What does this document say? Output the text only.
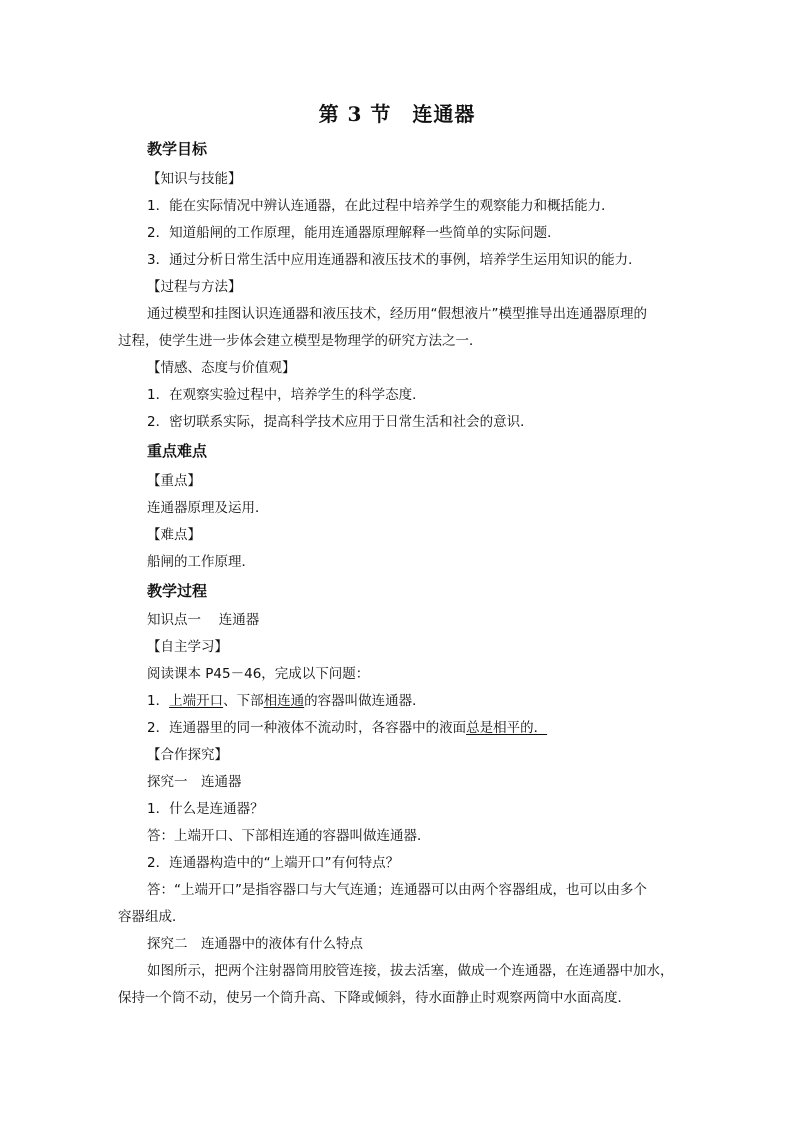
第 3 节　连通器
教学目标
【知识与技能】
1．能在实际情况中辨认连通器，在此过程中培养学生的观察能力和概括能力．
2．知道船闸的工作原理，能用连通器原理解释一些简单的实际问题．
3．通过分析日常生活中应用连通器和液压技术的事例，培养学生运用知识的能力．
【过程与方法】
通过模型和挂图认识连通器和液压技术，经历用“假想液片”模型推导出连通器原理的
过程，使学生进一步体会建立模型是物理学的研究方法之一．
【情感、态度与价值观】
1．在观察实验过程中，培养学生的科学态度．
2．密切联系实际，提高科学技术应用于日常生活和社会的意识．
重点难点
【重点】
连通器原理及运用．
【难点】
船闸的工作原理．
教学过程
知识点一　 连通器
【自主学习】
阅读课本 P45－46，完成以下问题：
1．上端开口、下部相连通的容器叫做连通器．
2．连通器里的同一种液体不流动时，各容器中的液面总是相平的．
【合作探究】
探究一　连通器
1．什么是连通器？
答：上端开口、下部相连通的容器叫做连通器．
2．连通器构造中的“上端开口”有何特点？
答：“上端开口”是指容器口与大气连通；连通器可以由两个容器组成，也可以由多个
容器组成．
探究二　连通器中的液体有什么特点
如图所示，把两个注射器筒用胶管连接，拔去活塞，做成一个连通器，在连通器中加水，
保持一个筒不动，使另一个筒升高、下降或倾斜，待水面静止时观察两筒中水面高度．
